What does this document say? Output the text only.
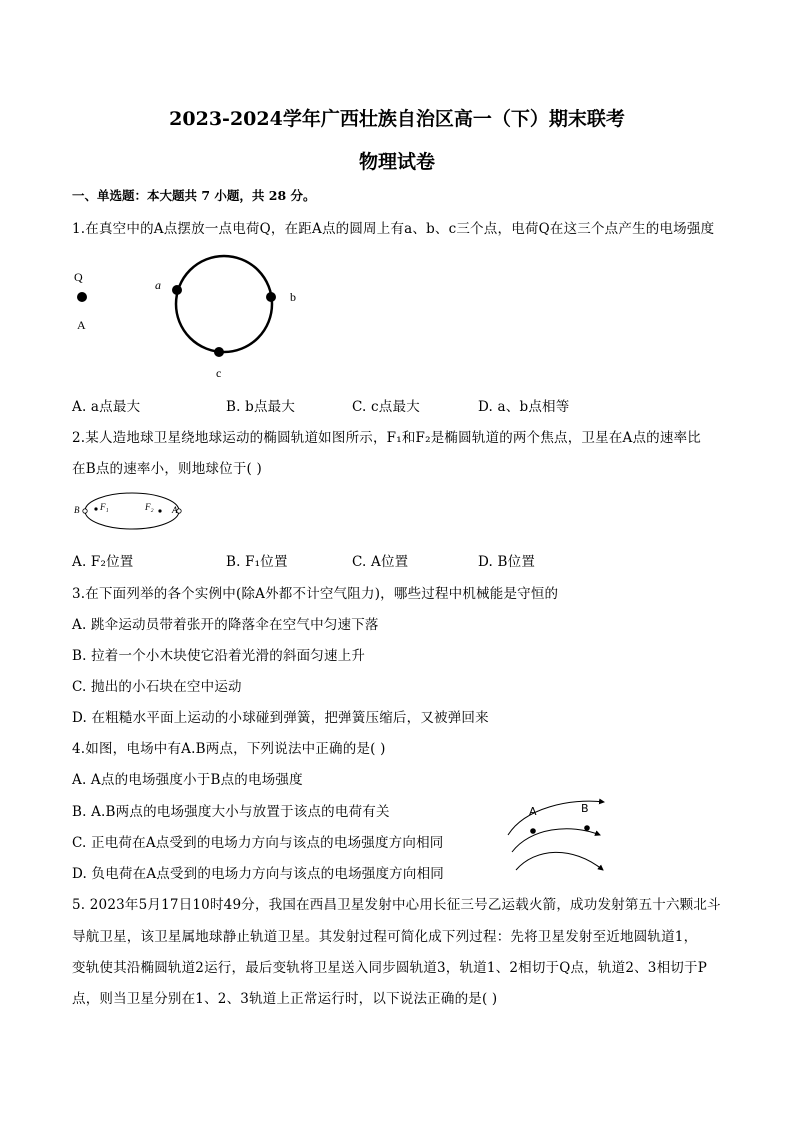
2023-2024学年广西壮族自治区高一（下）期末联考
物理试卷
一、单选题：本大题共 7 小题，共 28 分。
1.在真空中的A点摆放一点电荷Q，在距A点的圆周上有a、b、c三个点，电荷Q在这三个点产生的电场强度
Q
A
a
b
c
A. a点最大	B. b点最大	C. c点最大	D. a、b点相等
2.某人造地球卫星绕地球运动的椭圆轨道如图所示，F₁和F₂是椭圆轨道的两个焦点，卫星在A点的速率比
在B点的速率小，则地球位于( )
B F₁	F₂ A
A. F₂位置	B. F₁位置	C. A位置	D. B位置
3.在下面列举的各个实例中(除A外都不计空气阻力)，哪些过程中机械能是守恒的
A. 跳伞运动员带着张开的降落伞在空气中匀速下落
B. 拉着一个小木块使它沿着光滑的斜面匀速上升
C. 抛出的小石块在空中运动
D. 在粗糙水平面上运动的小球碰到弹簧，把弹簧压缩后，又被弹回来
4.如图，电场中有A.B两点，下列说法中正确的是( )
A. A点的电场强度小于B点的电场强度
B. A.B两点的电场强度大小与放置于该点的电荷有关
C. 正电荷在A点受到的电场力方向与该点的电场强度方向相同
D. 负电荷在A点受到的电场力方向与该点的电场强度方向相同
A	B
5. 2023年5月17日10时49分，我国在西昌卫星发射中心用长征三号乙运载火箭，成功发射第五十六颗北斗
导航卫星，该卫星属地球静止轨道卫星。其发射过程可简化成下列过程：先将卫星发射至近地圆轨道1，
变轨使其沿椭圆轨道2运行，最后变轨将卫星送入同步圆轨道3，轨道1、2相切于Q点，轨道2、3相切于P
点，则当卫星分别在1、2、3轨道上正常运行时，以下说法正确的是( )
